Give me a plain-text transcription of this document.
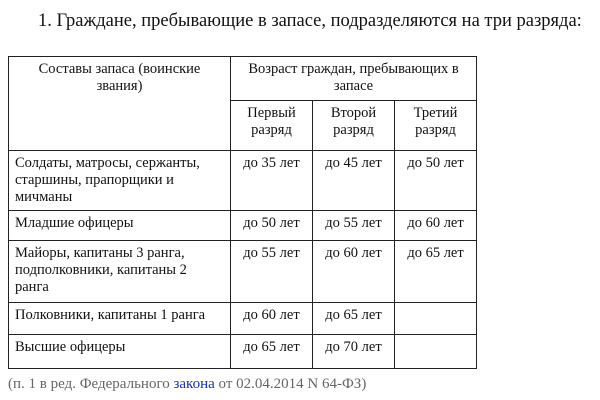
1. Граждане, пребывающие в запасе, подразделяются на три разряда:
Составы запаса (воинские звания)	Возраст граждан, пребывающих в запасе		
	Первый разряд	Второй разряд	Третий разряд
Солдаты, матросы, сержанты, старшины, прапорщики и мичманы	до 35 лет	до 45 лет	до 50 лет
Младшие офицеры	до 50 лет	до 55 лет	до 60 лет
Майоры, капитаны 3 ранга, подполковники, капитаны 2 ранга	до 55 лет	до 60 лет	до 65 лет
Полковники, капитаны 1 ранга	до 60 лет	до 65 лет	
Высшие офицеры	до 65 лет	до 70 лет	
(п. 1 в ред. Федерального закона от 02.04.2014 N 64-ФЗ)
